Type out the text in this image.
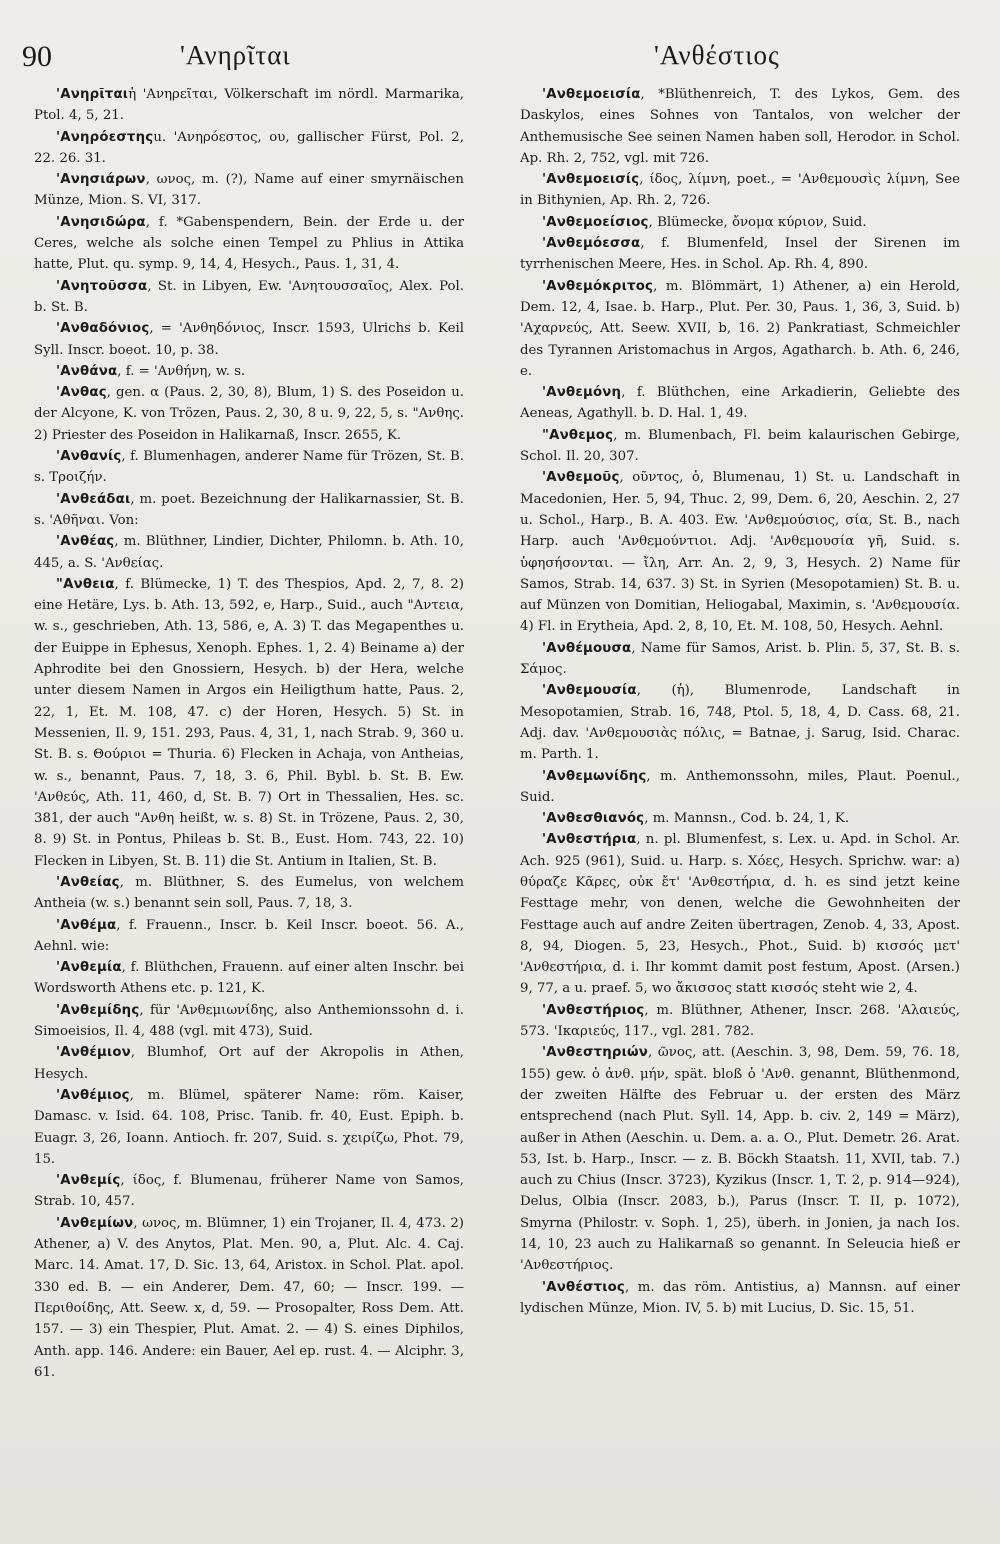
90	'Ανηρῖται	'Ανθέστιος

'Ανηρῖταιἡ 'Ανηρεῖται, Völkerschaft im nördl. Marmarika, Ptol. 4, 5, 21.

'Ανηρόεστηςu. 'Ανηρόεστος, ου, gallischer Fürst, Pol. 2, 22. 26. 31.

'Ανησιάρων, ωνος, m. (?), Name auf einer smyrnäischen Münze, Mion. S. VI, 317.

'Ανησιδώρα, f. *Gabenspendern, Bein. der Erde u. der Ceres, welche als solche einen Tempel zu Phlius in Attika hatte, Plut. qu. symp. 9, 14, 4, Hesych., Paus. 1, 31, 4.

'Ανητοῦσσα, St. in Libyen, Ew. 'Ανητουσσαῖος, Alex. Pol. b. St. B.

'Ανθαδόνιος, = 'Ανθηδόνιος, Inscr. 1593, Ulrichs b. Keil Syll. Inscr. boeot. 10, p. 38.

'Ανθάνα, f. = 'Ανθήνη, w. s.

'Ανθας, gen. α (Paus. 2, 30, 8), Blum, 1) S. des Poseidon u. der Alcyone, K. von Trözen, Paus. 2, 30, 8 u. 9, 22, 5, s. "Ανθης. 2) Priester des Poseidon in Halikarnaß, Inscr. 2655, K.

'Ανθανίς, f. Blumenhagen, anderer Name für Trözen, St. B. s. Τροιζήν.

'Ανθεάδαι, m. poet. Bezeichnung der Halikarnassier, St. B. s. 'Αθῆναι. Von:

'Ανθέας, m. Blüthner, Lindier, Dichter, Philomn. b. Ath. 10, 445, a. S. 'Ανθείας.

"Ανθεια, f. Blümecke, 1) T. des Thespios, Apd. 2, 7, 8. 2) eine Hetäre, Lys. b. Ath. 13, 592, e, Harp., Suid., auch "Αντεια, w. s., geschrieben, Ath. 13, 586, e, A. 3) T. das Megapenthes u. der Euippe in Ephesus, Xenoph. Ephes. 1, 2. 4) Beiname a) der Aphrodite bei den Gnossiern, Hesych. b) der Hera, welche unter diesem Namen in Argos ein Heiligthum hatte, Paus. 2, 22, 1, Et. M. 108, 47. c) der Horen, Hesych. 5) St. in Messenien, Il. 9, 151. 293, Paus. 4, 31, 1, nach Strab. 9, 360 u. St. B. s. Θούριοι = Thuria. 6) Flecken in Achaja, von Antheias, w. s., benannt, Paus. 7, 18, 3. 6, Phil. Bybl. b. St. B. Ew. 'Ανθεύς, Ath. 11, 460, d, St. B. 7) Ort in Thessalien, Hes. sc. 381, der auch "Ανθη heißt, w. s. 8) St. in Trözene, Paus. 2, 30, 8. 9) St. in Pontus, Phileas b. St. B., Eust. Hom. 743, 22. 10) Flecken in Libyen, St. B. 11) die St. Antium in Italien, St. B.

'Ανθείας, m. Blüthner, S. des Eumelus, von welchem Antheia (w. s.) benannt sein soll, Paus. 7, 18, 3.

'Ανθέμα, f. Frauenn., Inscr. b. Keil Inscr. boeot. 56. A., Aehnl. wie:

'Ανθεμία, f. Blüthchen, Frauenn. auf einer alten Inschr. bei Wordsworth Athens etc. p. 121, K.

'Ανθεμίδης, für 'Ανθεμιωνίδης, also Anthemionssohn d. i. Simoeisios, Il. 4, 488 (vgl. mit 473), Suid.

'Ανθέμιον, Blumhof, Ort auf der Akropolis in Athen, Hesych.

'Ανθέμιος, m. Blümel, späterer Name: röm. Kaiser, Damasc. v. Isid. 64. 108, Prisc. Tanib. fr. 40, Eust. Epiph. b. Euagr. 3, 26, Ioann. Antioch. fr. 207, Suid. s. χειρίζω, Phot. 79, 15.

'Ανθεμίς, ίδος, f. Blumenau, früherer Name von Samos, Strab. 10, 457.

'Ανθεμίων, ωνος, m. Blümner, 1) ein Trojaner, Il. 4, 473. 2) Athener, a) V. des Anytos, Plat. Men. 90, a, Plut. Alc. 4. Caj. Marc. 14. Amat. 17, D. Sic. 13, 64, Aristox. in Schol. Plat. apol. 330 ed. B. — ein Anderer, Dem. 47, 60; — Inscr. 199. — Περιθοίδης, Att. Seew. x, d, 59. — Prosopalter, Ross Dem. Att. 157. — 3) ein Thespier, Plut. Amat. 2. — 4) S. eines Diphilos, Anth. app. 146. Andere: ein Bauer, Ael ep. rust. 4. — Alciphr. 3, 61.

'Ανθεμοεισία, *Blüthenreich, T. des Lykos, Gem. des Daskylos, eines Sohnes von Tantalos, von welcher der Anthemusische See seinen Namen haben soll, Herodor. in Schol. Ap. Rh. 2, 752, vgl. mit 726.

'Ανθεμοεισίς, ίδος, λίμνη, poet., = 'Ανθεμουσὶς λίμνη, See in Bithynien, Ap. Rh. 2, 726.

'Ανθεμοείσιος, Blümecke, ὄνομα κύριον, Suid.

'Ανθεμόεσσα, f. Blumenfeld, Insel der Sirenen im tyrrhenischen Meere, Hes. in Schol. Ap. Rh. 4, 890.

'Ανθεμόκριτος, m. Blömmärt, 1) Athener, a) ein Herold, Dem. 12, 4, Isae. b. Harp., Plut. Per. 30, Paus. 1, 36, 3, Suid. b) 'Αχαρνεύς, Att. Seew. XVII, b, 16. 2) Pankratiast, Schmeichler des Tyrannen Aristomachus in Argos, Agatharch. b. Ath. 6, 246, e.

'Ανθεμόνη, f. Blüthchen, eine Arkadierin, Geliebte des Aeneas, Agathyll. b. D. Hal. 1, 49.

"Ανθεμος, m. Blumenbach, Fl. beim kalaurischen Gebirge, Schol. Il. 20, 307.

'Ανθεμοῦς, οῦντος, ὁ, Blumenau, 1) St. u. Landschaft in Macedonien, Her. 5, 94, Thuc. 2, 99, Dem. 6, 20, Aeschin. 2, 27 u. Schol., Harp., B. A. 403. Ew. 'Ανθεμούσιος, σία, St. B., nach Harp. auch 'Ανθεμούντιοι. Adj. 'Ανθεμουσία γῆ, Suid. s. ὑφησήσονται. — ἴλη, Arr. An. 2, 9, 3, Hesych. 2) Name für Samos, Strab. 14, 637. 3) St. in Syrien (Mesopotamien) St. B. u. auf Münzen von Domitian, Heliogabal, Maximin, s. 'Ανθεμουσία. 4) Fl. in Erytheia, Apd. 2, 8, 10, Et. M. 108, 50, Hesych. Aehnl.

'Ανθέμουσα, Name für Samos, Arist. b. Plin. 5, 37, St. B. s. Σάμος.

'Ανθεμουσία, (ἡ), Blumenrode, Landschaft in Mesopotamien, Strab. 16, 748, Ptol. 5, 18, 4, D. Cass. 68, 21. Adj. dav. 'Ανθεμουσιὰς πόλις, = Batnae, j. Sarug, Isid. Charac. m. Parth. 1.

'Ανθεμωνίδης, m. Anthemonssohn, miles, Plaut. Poenul., Suid.

'Ανθεσθιανός, m. Mannsn., Cod. b. 24, 1, K.

'Ανθεστήρια, n. pl. Blumenfest, s. Lex. u. Apd. in Schol. Ar. Ach. 925 (961), Suid. u. Harp. s. Χόες, Hesych. Sprichw. war: a) θύραζε Κᾶρες, οὐκ ἔτ' 'Ανθεστήρια, d. h. es sind jetzt keine Festtage mehr, von denen, welche die Gewohnheiten der Festtage auch auf andre Zeiten übertragen, Zenob. 4, 33, Apost. 8, 94, Diogen. 5, 23, Hesych., Phot., Suid. b) κισσός μετ' 'Ανθεστήρια, d. i. Ihr kommt damit post festum, Apost. (Arsen.) 9, 77, a u. praef. 5, wo ἄκισσος statt κισσός steht wie 2, 4.

'Ανθεστήριος, m. Blüthner, Athener, Inscr. 268. 'Αλαιεύς, 573. 'Ικαριεύς, 117., vgl. 281. 782.

'Ανθεστηριών, ῶνος, att. (Aeschin. 3, 98, Dem. 59, 76. 18, 155) gew. ὁ ἀνθ. μήν, spät. bloß ὁ 'Ανθ. genannt, Blüthenmond, der zweiten Hälfte des Februar u. der ersten des März entsprechend (nach Plut. Syll. 14, App. b. civ. 2, 149 = März), außer in Athen (Aeschin. u. Dem. a. a. O., Plut. Demetr. 26. Arat. 53, Ist. b. Harp., Inscr. — z. B. Böckh Staatsh. 11, XVII, tab. 7.) auch zu Chius (Inscr. 3723), Kyzikus (Inscr. 1, T. 2, p. 914—924), Delus, Olbia (Inscr. 2083, b.), Parus (Inscr. T. II, p. 1072), Smyrna (Philostr. v. Soph. 1, 25), überh. in Jonien, ja nach Ios. 14, 10, 23 auch zu Halikarnaß so genannt. In Seleucia hieß er 'Ανθεστήριος.

'Ανθέστιος, m. das röm. Antistius, a) Mannsn. auf einer lydischen Münze, Mion. IV, 5. b) mit Lucius, D. Sic. 15, 51.
